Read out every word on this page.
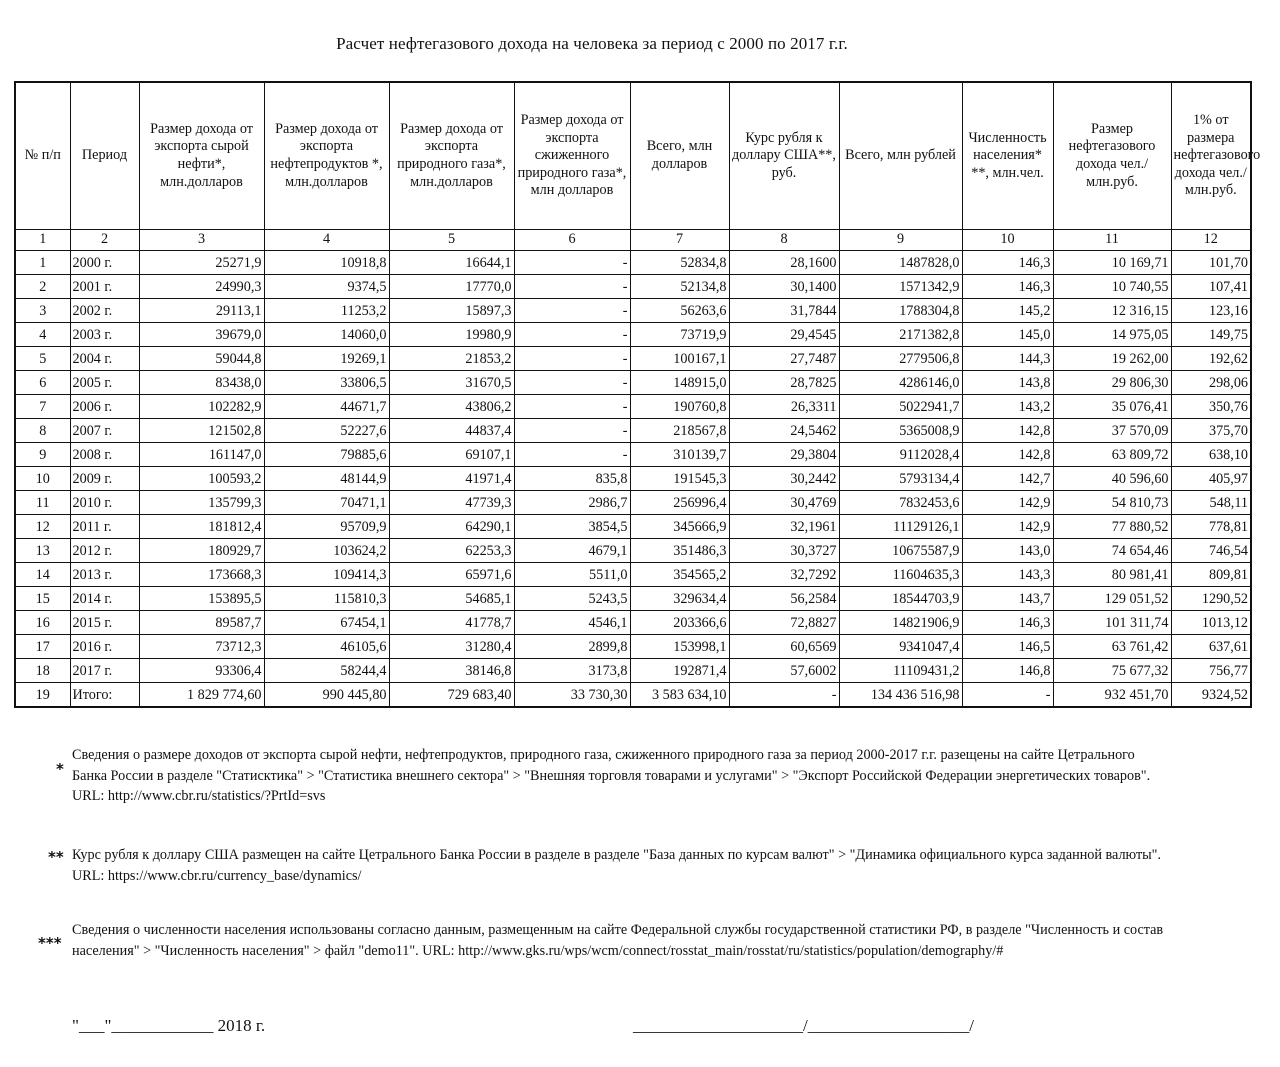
Расчет нефтегазового дохода на человека за период с 2000 по 2017 г.г.
№ п/п	Период	Размер дохода от экспорта сырой нефти*, млн.долларов	Размер дохода от экспорта нефтепродуктов *, млн.долларов	Размер дохода от экспорта природного газа*, млн.долларов	Размер дохода от экспорта сжиженного природного газа*, млн долларов	Всего, млн долларов	Курс рубля к доллару США**, руб.	Всего, млн рублей	Численность населения* **, млн.чел.	Размер нефтегазового дохода чел./млн.руб.	1% от размера нефтегазового дохода чел./млн.руб.
1	2	3	4	5	6	7	8	9	10	11	12
1	2000 г.	25271,9	10918,8	16644,1	-	52834,8	28,1600	1487828,0	146,3	10 169,71	101,70
2	2001 г.	24990,3	9374,5	17770,0	-	52134,8	30,1400	1571342,9	146,3	10 740,55	107,41
3	2002 г.	29113,1	11253,2	15897,3	-	56263,6	31,7844	1788304,8	145,2	12 316,15	123,16
4	2003 г.	39679,0	14060,0	19980,9	-	73719,9	29,4545	2171382,8	145,0	14 975,05	149,75
5	2004 г.	59044,8	19269,1	21853,2	-	100167,1	27,7487	2779506,8	144,3	19 262,00	192,62
6	2005 г.	83438,0	33806,5	31670,5	-	148915,0	28,7825	4286146,0	143,8	29 806,30	298,06
7	2006 г.	102282,9	44671,7	43806,2	-	190760,8	26,3311	5022941,7	143,2	35 076,41	350,76
8	2007 г.	121502,8	52227,6	44837,4	-	218567,8	24,5462	5365008,9	142,8	37 570,09	375,70
9	2008 г.	161147,0	79885,6	69107,1	-	310139,7	29,3804	9112028,4	142,8	63 809,72	638,10
10	2009 г.	100593,2	48144,9	41971,4	835,8	191545,3	30,2442	5793134,4	142,7	40 596,60	405,97
11	2010 г.	135799,3	70471,1	47739,3	2986,7	256996,4	30,4769	7832453,6	142,9	54 810,73	548,11
12	2011 г.	181812,4	95709,9	64290,1	3854,5	345666,9	32,1961	11129126,1	142,9	77 880,52	778,81
13	2012 г.	180929,7	103624,2	62253,3	4679,1	351486,3	30,3727	10675587,9	143,0	74 654,46	746,54
14	2013 г.	173668,3	109414,3	65971,6	5511,0	354565,2	32,7292	11604635,3	143,3	80 981,41	809,81
15	2014 г.	153895,5	115810,3	54685,1	5243,5	329634,4	56,2584	18544703,9	143,7	129 051,52	1290,52
16	2015 г.	89587,7	67454,1	41778,7	4546,1	203366,6	72,8827	14821906,9	146,3	101 311,74	1013,12
17	2016 г.	73712,3	46105,6	31280,4	2899,8	153998,1	60,6569	9341047,4	146,5	63 761,42	637,61
18	2017 г.	93306,4	58244,4	38146,8	3173,8	192871,4	57,6002	11109431,2	146,8	75 677,32	756,77
19	Итого:	1 829 774,60	990 445,80	729 683,40	33 730,30	3 583 634,10	-	134 436 516,98	-	932 451,70	9324,52
*
Сведения о размере доходов от экспорта сырой нефти, нефтепродуктов, природного газа, сжиженного природного газа за период 2000-2017 г.г. разещены на сайте Цетрального Банка России в разделе "Статисктика" > "Статистика внешнего сектора" > "Внешняя торговля товарами и услугами" > "Экспорт Российской Федерации энергетических товаров". URL: http://www.cbr.ru/statistics/?PrtId=svs
** Курс рубля к доллару США размещен на сайте Цетрального Банка России в разделе в разделе "База данных по курсам валют" > "Динамика официального курса заданной валюты". URL: https://www.cbr.ru/currency_base/dynamics/
***
Сведения о численности населения использованы согласно данным, размещенным на сайте Федеральной службы государственной статистики РФ, в разделе "Численность и состав населения" > "Численность населения" > файл "demo11". URL: http://www.gks.ru/wps/wcm/connect/rosstat_main/rosstat/ru/statistics/population/demography/#
"___"____________ 2018 г.	____________________/___________________/
